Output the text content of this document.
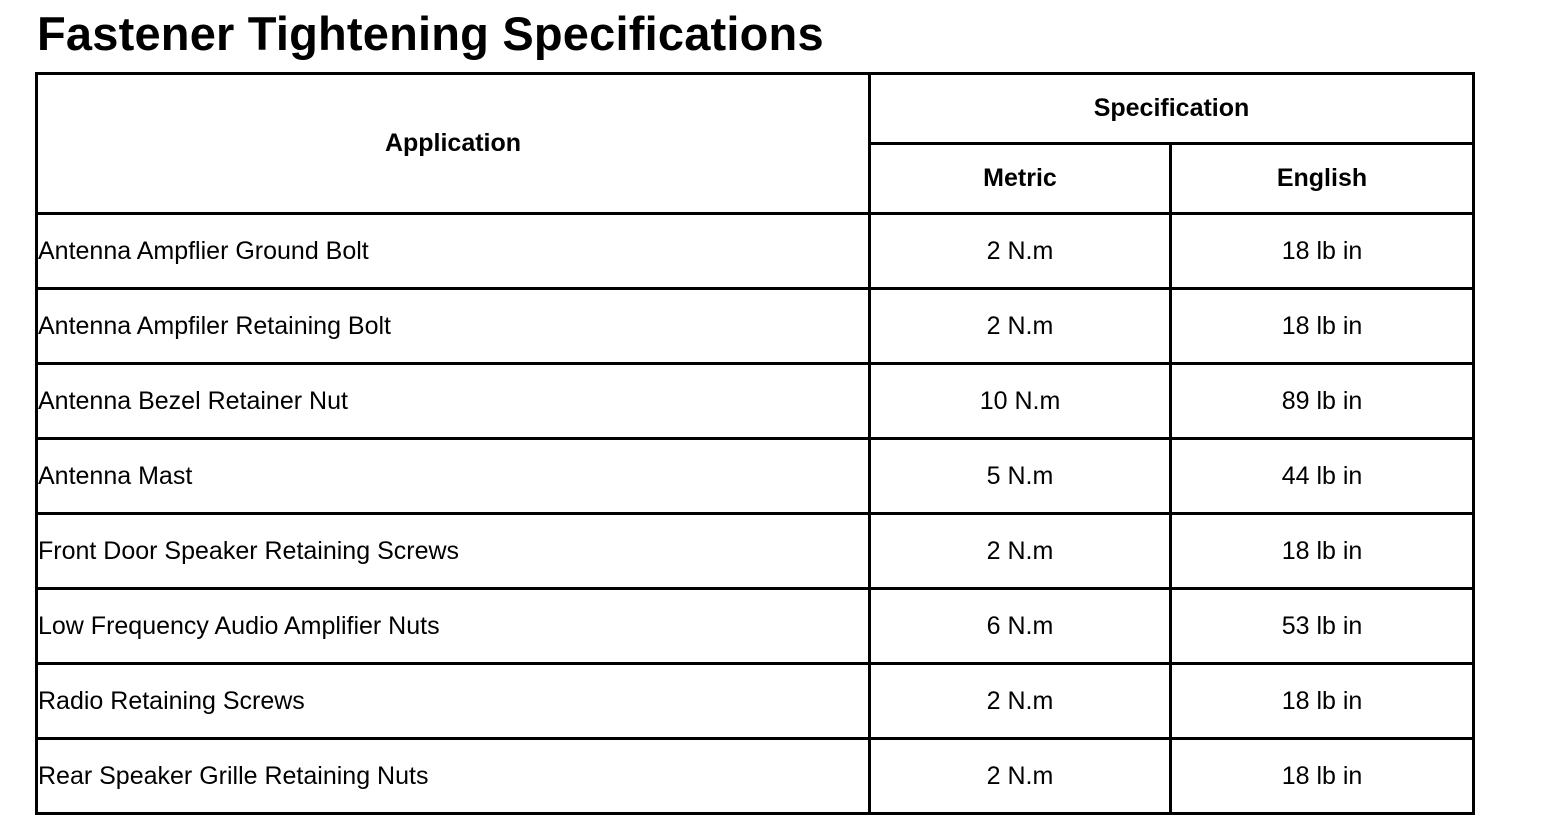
Fastener Tightening Specifications
Application	Specification	
	Metric	English
Antenna Ampflier Ground Bolt	2 N.m	18 lb in
Antenna Ampfiler Retaining Bolt	2 N.m	18 lb in
Antenna Bezel Retainer Nut	10 N.m	89 lb in
Antenna Mast	5 N.m	44 lb in
Front Door Speaker Retaining Screws	2 N.m	18 lb in
Low Frequency Audio Amplifier Nuts	6 N.m	53 lb in
Radio Retaining Screws	2 N.m	18 lb in
Rear Speaker Grille Retaining Nuts	2 N.m	18 lb in
